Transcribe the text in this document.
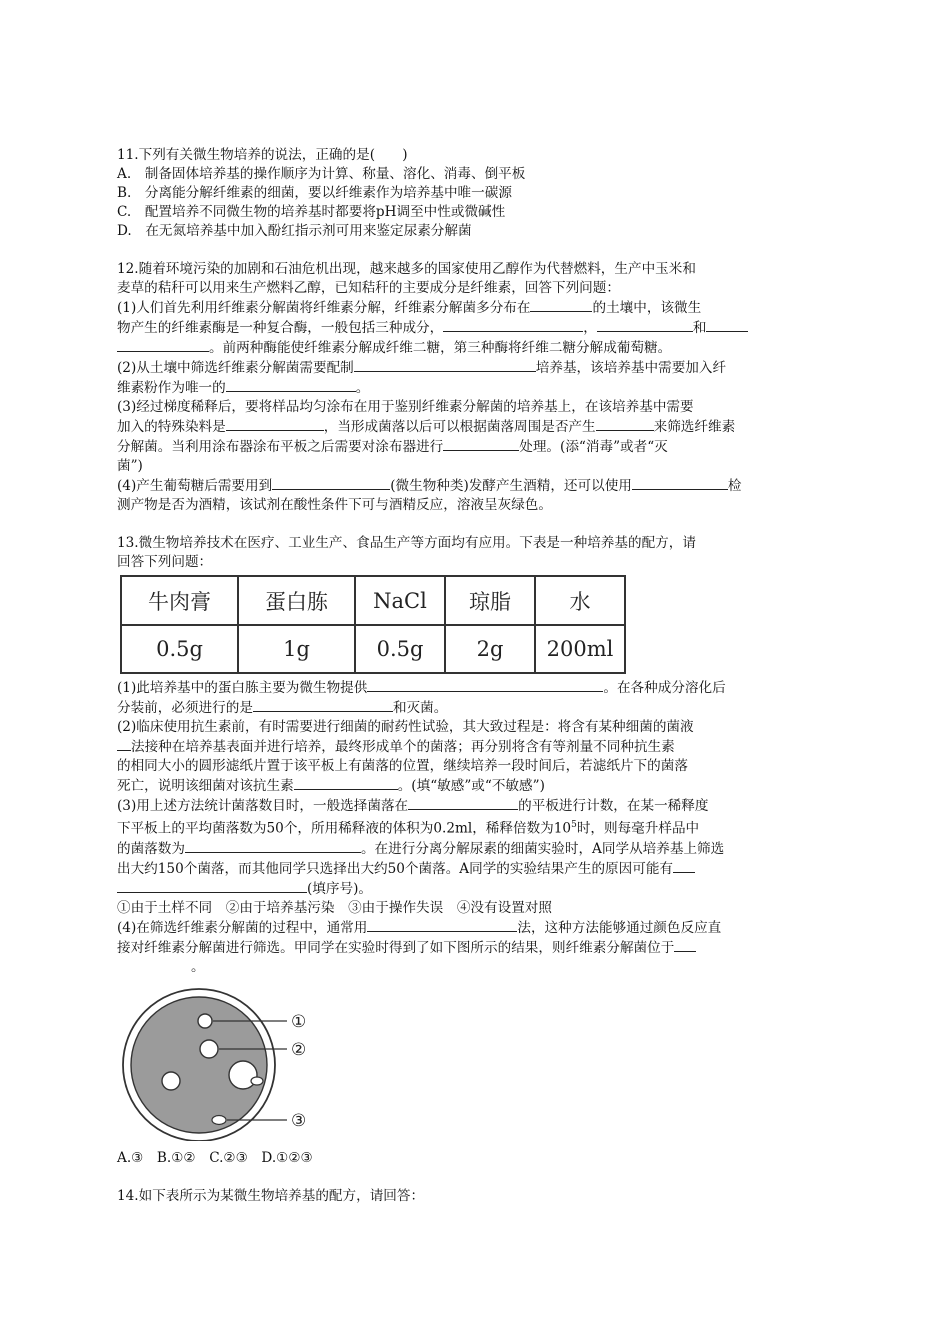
11.下列有关微生物培养的说法，正确的是(　　)

A.　制备固体培养基的操作顺序为计算、称量、溶化、消毒、倒平板

B.　分离能分解纤维素的细菌，要以纤维素作为培养基中唯一碳源

C.　配置培养不同微生物的培养基时都要将pH调至中性或微碱性

D.　在无氮培养基中加入酚红指示剂可用来鉴定尿素分解菌

12.随着环境污染的加剧和石油危机出现，越来越多的国家使用乙醇作为代替燃料，生产中玉米和

麦草的秸秆可以用来生产燃料乙醇，已知秸秆的主要成分是纤维素，回答下列问题：

(1)人们首先利用纤维素分解菌将纤维素分解，纤维素分解菌多分布在	的土壤中，该微生

物产生的纤维素酶是一种复合酶，一般包括三种成分，	，	和

。前两种酶能使纤维素分解成纤维二糖，第三种酶将纤维二糖分解成葡萄糖。

(2)从土壤中筛选纤维素分解菌需要配制	培养基，该培养基中需要加入纤

维素粉作为唯一的	。

(3)经过梯度稀释后，要将样品均匀涂布在用于鉴别纤维素分解菌的培养基上，在该培养基中需要

加入的特殊染料是	，当形成菌落以后可以根据菌落周围是否产生	来筛选纤维素

分解菌。当利用涂布器涂布平板之后需要对涂布器进行	处理。(添“消毒”或者“灭

菌”)

(4)产生葡萄糖后需要用到	(微生物种类)发酵产生酒精，还可以使用	检

测产物是否为酒精，该试剂在酸性条件下可与酒精反应，溶液呈灰绿色。

13.微生物培养技术在医疗、工业生产、食品生产等方面均有应用。下表是一种培养基的配方，请

回答下列问题：

牛肉膏	蛋白胨	NaCl	琼脂	水
0.5g	1g	0.5g	2g	200ml

(1)此培养基中的蛋白胨主要为微生物提供	。在各种成分溶化后

分装前，必须进行的是	和灭菌。

(2)临床使用抗生素前，有时需要进行细菌的耐药性试验，其大致过程是：将含有某种细菌的菌液

法接种在培养基表面并进行培养，最终形成单个的菌落；再分别将含有等剂量不同种抗生素

的相同大小的圆形滤纸片置于该平板上有菌落的位置，继续培养一段时间后，若滤纸片下的菌落

死亡，说明该细菌对该抗生素	。(填“敏感”或“不敏感”)

(3)用上述方法统计菌落数目时，一般选择菌落在	的平板进行计数，在某一稀释度

下平板上的平均菌落数为50个，所用稀释液的体积为0.2ml，稀释倍数为$10^5$时，则每毫升样品中

的菌落数为	。在进行分离分解尿素的细菌实验时，A同学从培养基上筛选

出大约150个菌落，而其他同学只选择出大约50个菌落。A同学的实验结果产生的原因可能有

(填序号)。

①由于土样不同　②由于培养基污染　③由于操作失误　④没有设置对照

(4)在筛选纤维素分解菌的过程中，通常用	法，这种方法能够通过颜色反应直

接对纤维素分解菌进行筛选。甲同学在实验时得到了如下图所示的结果，则纤维素分解菌位于

。

①
②
③

A.③　B.①②　C.②③　D.①②③

14.如下表所示为某微生物培养基的配方，请回答：
